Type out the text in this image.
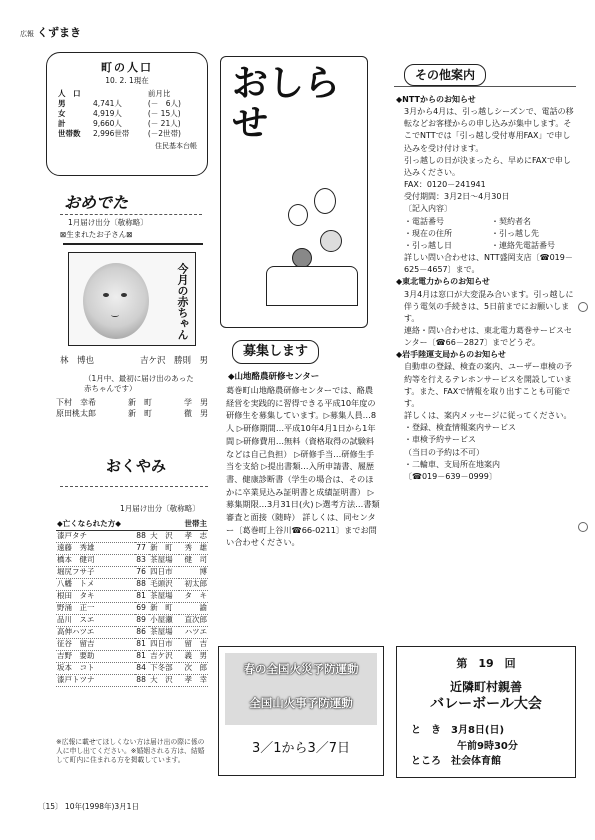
広報 くずまき
町の人口
10. 2. 1現在
人　口		前月比
男	4,741人	(－　6人)
女	4,919人	(－ 15人)
計	9,660人	(－ 21人)
世帯数	2,996世帯	(－2世帯)
住民基本台帳
おめでた
1月届け出分〔敬称略〕
⊠生まれたお子さん⊠
今月の赤ちゃん
林　博也	吉ケ沢　勝則　男
（1月中、最初に届け出のあった赤ちゃんです）
下村　幸希	新　町	学　男
原田桃太郎	新　町	徹　男
おくやみ
1月届け出分〔敬称略〕
◆亡くなられた方◆			世帯主
漆戸タチ	88	大　沢	孝　志
遠藤　秀雄	77	新　町	秀　雄
橋本　健司	83	茶屋場	健　司
堀尻フサ子	76	四日市	博
八幡　トメ	88	毛頭沢	初太郎
根田　タキ	81	茶屋場	タ　キ
野涌　正一	69	新　町	諭
品川　スエ	89	小屋瀬	直次郎
高伸ハツエ	86	茶屋場	ハツエ
征谷　留吉	81	四日市	留　吉
吉野　要助	81	吉ケ沢	義　男
坂本　コト	84	下冬部	次　郎
漆戸トツナ	88	大　沢	孝　幸
※広報に載せてほしくない方は届け出の際に係の人に申し出てください。※婚姻される方は、結婚して町内に住まれる方を掲載しています。
おしらせ
募集します
◆山地酪農研修センター
葛巻町山地酪農研修センターでは、酪農経営を実践的に習得できる平成10年度の研修生を募集しています。▷募集人員…8人 ▷研修期間…平成10年4月1日から1年間 ▷研修費用…無料（資格取得の試験料などは自己負担） ▷研修手当…研修生手当を支給 ▷提出書類…入所申請書、履歴書、健康診断書（学生の場合は、そのほかに卒業見込み証明書と成績証明書） ▷募集期限…3月31日(火) ▷選考方法…書類審査と面接（随時） 詳しくは、同センター〔葛巻町上谷川☎66-0211〕までお問い合わせください。
春の全国火災予防運動
全国山火事予防運動
3／1から3／7日
その他案内
◆NTTからのお知らせ
3月から4月は、引っ越しシーズンで、電話の移転などお客様からの申し込みが集中します。そこでNTTでは「引っ越し受付専用FAX」で申し込みを受け付けます。
引っ越しの日が決まったら、早めにFAXで申し込みください。
FAX：0120－241941
受付期間：3月2日～4月30日
〔記入内容〕
・電話番号	・契約者名
・現在の住所	・引っ越し先
・引っ越し日	・連絡先電話番号
詳しい問い合わせは、NTT盛岡支店〔☎019－625－4657〕まで。
◆東北電力からのお知らせ
3月4月は窓口が大変混み合います。引っ越しに伴う電気の手続きは、5日前までにお願いします。
連絡・問い合わせは、東北電力葛巻サービスセンター〔☎66－2827〕までどうぞ。
◆岩手陸運支局からのお知らせ
自動車の登録、検査の案内、ユーザー車検の予約等を行えるテレホンサービスを開設しています。また、FAXで情報を取り出すことも可能です。
詳しくは、案内メッセージに従ってください。
・登録、検査情報案内サービス
・車検予約サービス
（当日の予約は不可）
・二輪車、支局所在地案内
〔☎019－639－0999〕
第　19　回
近隣町村親善
バレーボール大会
と　き　 3月8日(日)
午前9時30分
ところ　 社会体育館
〔15〕 10年(1998年)3月1日
